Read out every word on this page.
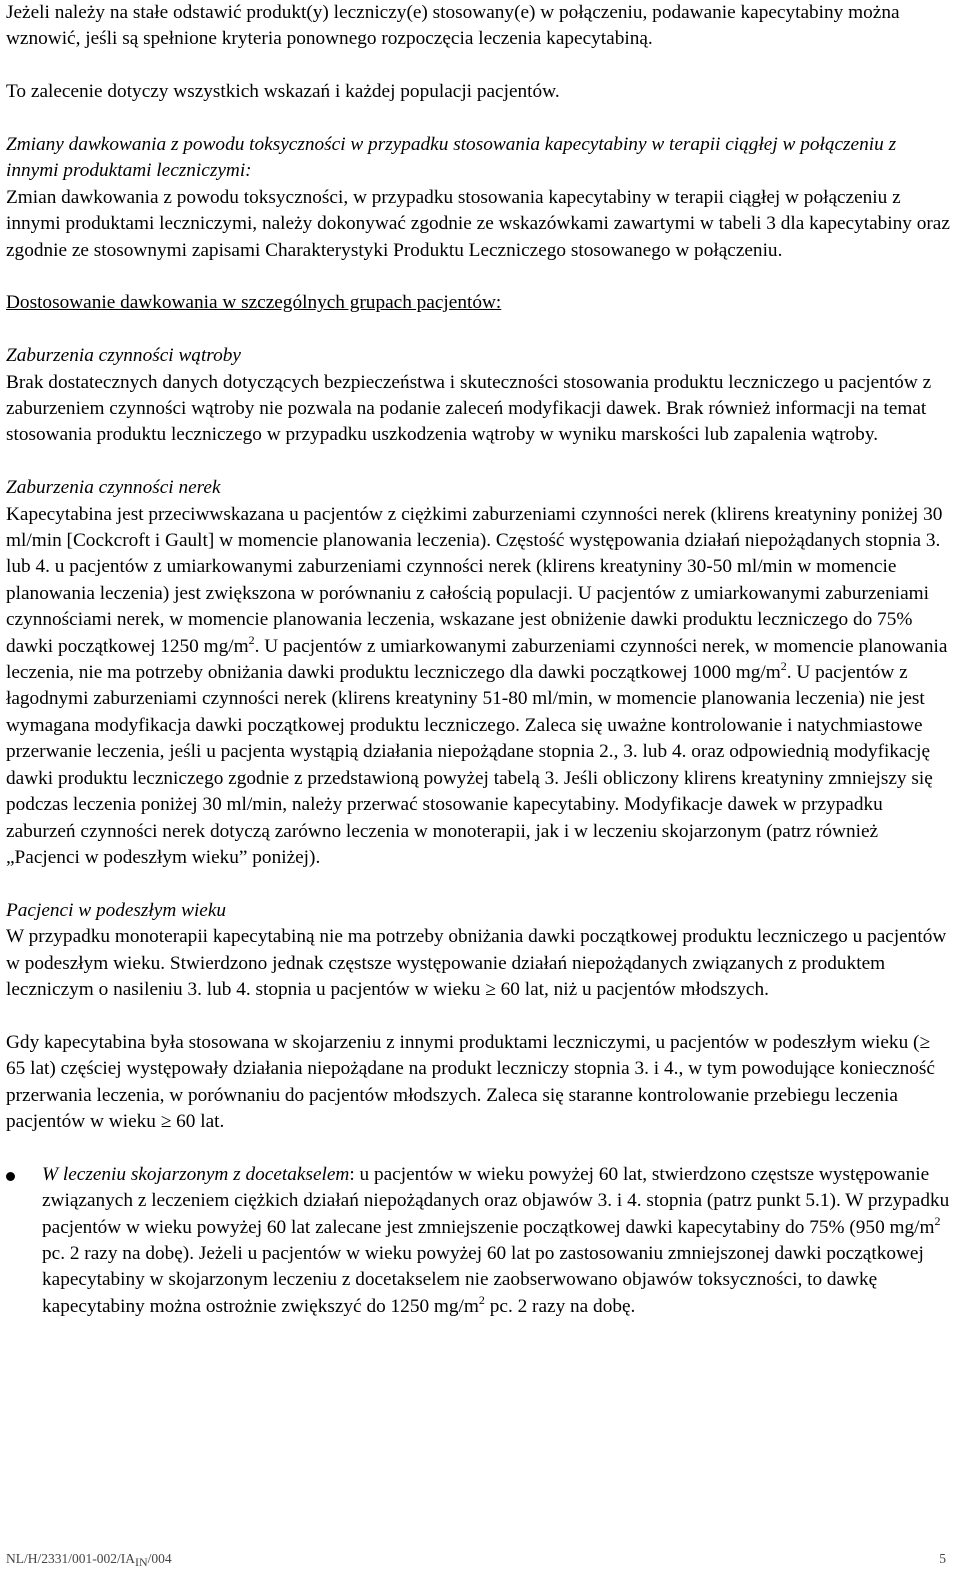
Jeżeli należy na stałe odstawić produkt(y) leczniczy(e) stosowany(e) w połączeniu, podawanie kapecytabiny można wznowić, jeśli są spełnione kryteria ponownego rozpoczęcia leczenia kapecytabiną.

To zalecenie dotyczy wszystkich wskazań i każdej populacji pacjentów.

Zmiany dawkowania z powodu toksyczności w przypadku stosowania kapecytabiny w terapii ciągłej w połączeniu z innymi produktami leczniczymi:

Zmian dawkowania z powodu toksyczności, w przypadku stosowania kapecytabiny w terapii ciągłej w połączeniu z innymi produktami leczniczymi, należy dokonywać zgodnie ze wskazówkami zawartymi w tabeli 3 dla kapecytabiny oraz zgodnie ze stosownymi zapisami Charakterystyki Produktu Leczniczego stosowanego w połączeniu.

Dostosowanie dawkowania w szczególnych grupach pacjentów:

Zaburzenia czynności wątroby

Brak dostatecznych danych dotyczących bezpieczeństwa i skuteczności stosowania produktu leczniczego u pacjentów z zaburzeniem czynności wątroby nie pozwala na podanie zaleceń modyfikacji dawek. Brak również informacji na temat stosowania produktu leczniczego w przypadku uszkodzenia wątroby w wyniku marskości lub zapalenia wątroby.

Zaburzenia czynności nerek

Kapecytabina jest przeciwwskazana u pacjentów z ciężkimi zaburzeniami czynności nerek (klirens kreatyniny poniżej 30 ml/min [Cockcroft i Gault] w momencie planowania leczenia). Częstość występowania działań niepożądanych stopnia 3. lub 4. u pacjentów z umiarkowanymi zaburzeniami czynności nerek (klirens kreatyniny 30-50 ml/min w momencie planowania leczenia) jest zwiększona w porównaniu z całością populacji. U pacjentów z umiarkowanymi zaburzeniami czynnościami nerek, w momencie planowania leczenia, wskazane jest obniżenie dawki produktu leczniczego do 75% dawki początkowej 1250 $mg/m^2$. U pacjentów z umiarkowanymi zaburzeniami czynności nerek, w momencie planowania leczenia, nie ma potrzeby obniżania dawki produktu leczniczego dla dawki początkowej 1000 $mg/m^2$. U pacjentów z łagodnymi zaburzeniami czynności nerek (klirens kreatyniny 51-80 ml/min, w momencie planowania leczenia) nie jest wymagana modyfikacja dawki początkowej produktu leczniczego. Zaleca się uważne kontrolowanie i natychmiastowe przerwanie leczenia, jeśli u pacjenta wystąpią działania niepożądane stopnia 2., 3. lub 4. oraz odpowiednią modyfikację dawki produktu leczniczego zgodnie z przedstawioną powyżej tabelą 3. Jeśli obliczony klirens kreatyniny zmniejszy się podczas leczenia poniżej 30 ml/min, należy przerwać stosowanie kapecytabiny. Modyfikacje dawek w przypadku zaburzeń czynności nerek dotyczą zarówno leczenia w monoterapii, jak i w leczeniu skojarzonym (patrz również „Pacjenci w podeszłym wieku” poniżej).

Pacjenci w podeszłym wieku

W przypadku monoterapii kapecytabiną nie ma potrzeby obniżania dawki początkowej produktu leczniczego u pacjentów w podeszłym wieku. Stwierdzono jednak częstsze występowanie działań niepożądanych związanych z produktem leczniczym o nasileniu 3. lub 4. stopnia u pacjentów w wieku ≥ 60 lat, niż u pacjentów młodszych.

Gdy kapecytabina była stosowana w skojarzeniu z innymi produktami leczniczymi, u pacjentów w podeszłym wieku (≥ 65 lat) częściej występowały działania niepożądane na produkt leczniczy stopnia 3. i 4., w tym powodujące konieczność przerwania leczenia, w porównaniu do pacjentów młodszych. Zaleca się staranne kontrolowanie przebiegu leczenia pacjentów w wieku ≥ 60 lat.

W leczeniu skojarzonym z docetakselem: u pacjentów w wieku powyżej 60 lat, stwierdzono częstsze występowanie związanych z leczeniem ciężkich działań niepożądanych oraz objawów 3. i 4. stopnia (patrz punkt 5.1). W przypadku pacjentów w wieku powyżej 60 lat zalecane jest zmniejszenie początkowej dawki kapecytabiny do 75% (950 $mg/m^2$ pc. 2 razy na dobę). Jeżeli u pacjentów w wieku powyżej 60 lat po zastosowaniu zmniejszonej dawki początkowej kapecytabiny w skojarzonym leczeniu z docetakselem nie zaobserwowano objawów toksyczności, to dawkę kapecytabiny można ostrożnie zwiększyć do 1250 $mg/m^2$ pc. 2 razy na dobę.

$NL/H/2331/001-002/IA_{IN}/004$	5
